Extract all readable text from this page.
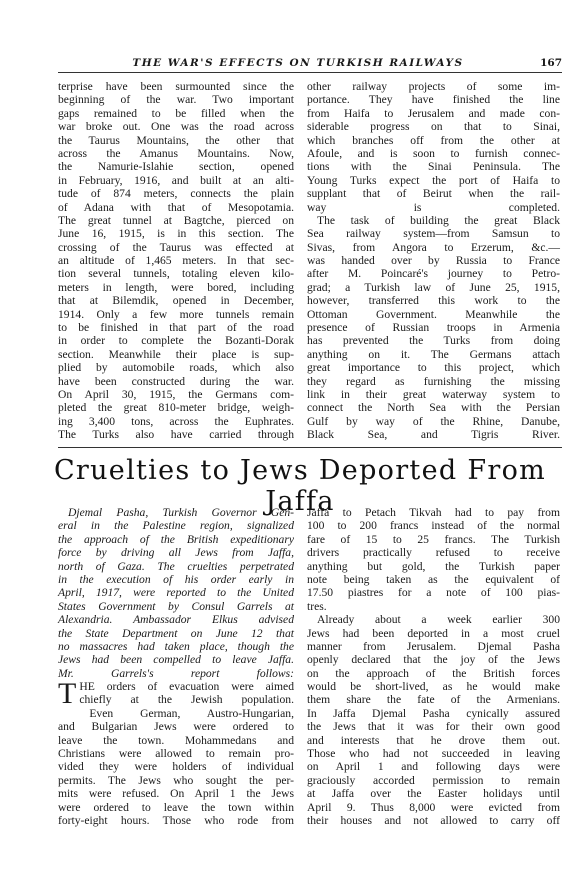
THE WAR'S EFFECTS ON TURKISH RAILWAYS	167
terprise have been surmounted since the
beginning of the war. Two important
gaps remained to be filled when the
war broke out. One was the road across
the Taurus Mountains, the other that
across the Amanus Mountains. Now,
the Namurie-Islahie section, opened
in February, 1916, and built at an alti-
tude of 874 meters, connects the plain
of Adana with that of Mesopotamia.
The great tunnel at Bagtche, pierced on
June 16, 1915, is in this section. The
crossing of the Taurus was effected at
an altitude of 1,465 meters. In that sec-
tion several tunnels, totaling eleven kilo-
meters in length, were bored, including
that at Bilemdik, opened in December,
1914. Only a few more tunnels remain
to be finished in that part of the road
in order to complete the Bozanti-Dorak
section. Meanwhile their place is sup-
plied by automobile roads, which also
have been constructed during the war.
On April 30, 1915, the Germans com-
pleted the great 810-meter bridge, weigh-
ing 3,400 tons, across the Euphrates.
The Turks also have carried through
other railway projects of some im-
portance. They have finished the line
from Haifa to Jerusalem and made con-
siderable progress on that to Sinai,
which branches off from the other at
Afoule, and is soon to furnish connec-
tions with the Sinai Peninsula. The
Young Turks expect the port of Haifa to
supplant that of Beirut when the rail-
way is completed.
The task of building the great Black
Sea railway system—from Samsun to
Sivas, from Angora to Erzerum, &c.—
was handed over by Russia to France
after M. Poincaré's journey to Petro-
grad; a Turkish law of June 25, 1915,
however, transferred this work to the
Ottoman Government. Meanwhile the
presence of Russian troops in Armenia
has prevented the Turks from doing
anything on it. The Germans attach
great importance to this project, which
they regard as furnishing the missing
link in their great waterway system to
connect the North Sea with the Persian
Gulf by way of the Rhine, Danube,
Black Sea, and Tigris River.
Cruelties to Jews Deported From Jaffa
Djemal Pasha, Turkish Governor Gen-
eral in the Palestine region, signalized
the approach of the British expeditionary
force by driving all Jews from Jaffa,
north of Gaza. The cruelties perpetrated
in the execution of his order early in
April, 1917, were reported to the United
States Government by Consul Garrels at
Alexandria. Ambassador Elkus advised
the State Department on June 12 that
no massacres had taken place, though the
Jews had been compelled to leave Jaffa.
Mr. Garrels's report follows:
T HE orders of evacuation were aimed
chiefly at the Jewish population.
Even German, Austro-Hungarian,
and Bulgarian Jews were ordered to
leave the town. Mohammedans and
Christians were allowed to remain pro-
vided they were holders of individual
permits. The Jews who sought the per-
mits were refused. On April 1 the Jews
were ordered to leave the town within
forty-eight hours. Those who rode from
Jaffa to Petach Tikvah had to pay from
100 to 200 francs instead of the normal
fare of 15 to 25 francs. The Turkish
drivers practically refused to receive
anything but gold, the Turkish paper
note being taken as the equivalent of
17.50 piastres for a note of 100 pias-
tres.
Already about a week earlier 300
Jews had been deported in a most cruel
manner from Jerusalem. Djemal Pasha
openly declared that the joy of the Jews
on the approach of the British forces
would be short-lived, as he would make
them share the fate of the Armenians.
In Jaffa Djemal Pasha cynically assured
the Jews that it was for their own good
and interests that he drove them out.
Those who had not succeeded in leaving
on April 1 and following days were
graciously accorded permission to remain
at Jaffa over the Easter holidays until
April 9. Thus 8,000 were evicted from
their houses and not allowed to carry off
